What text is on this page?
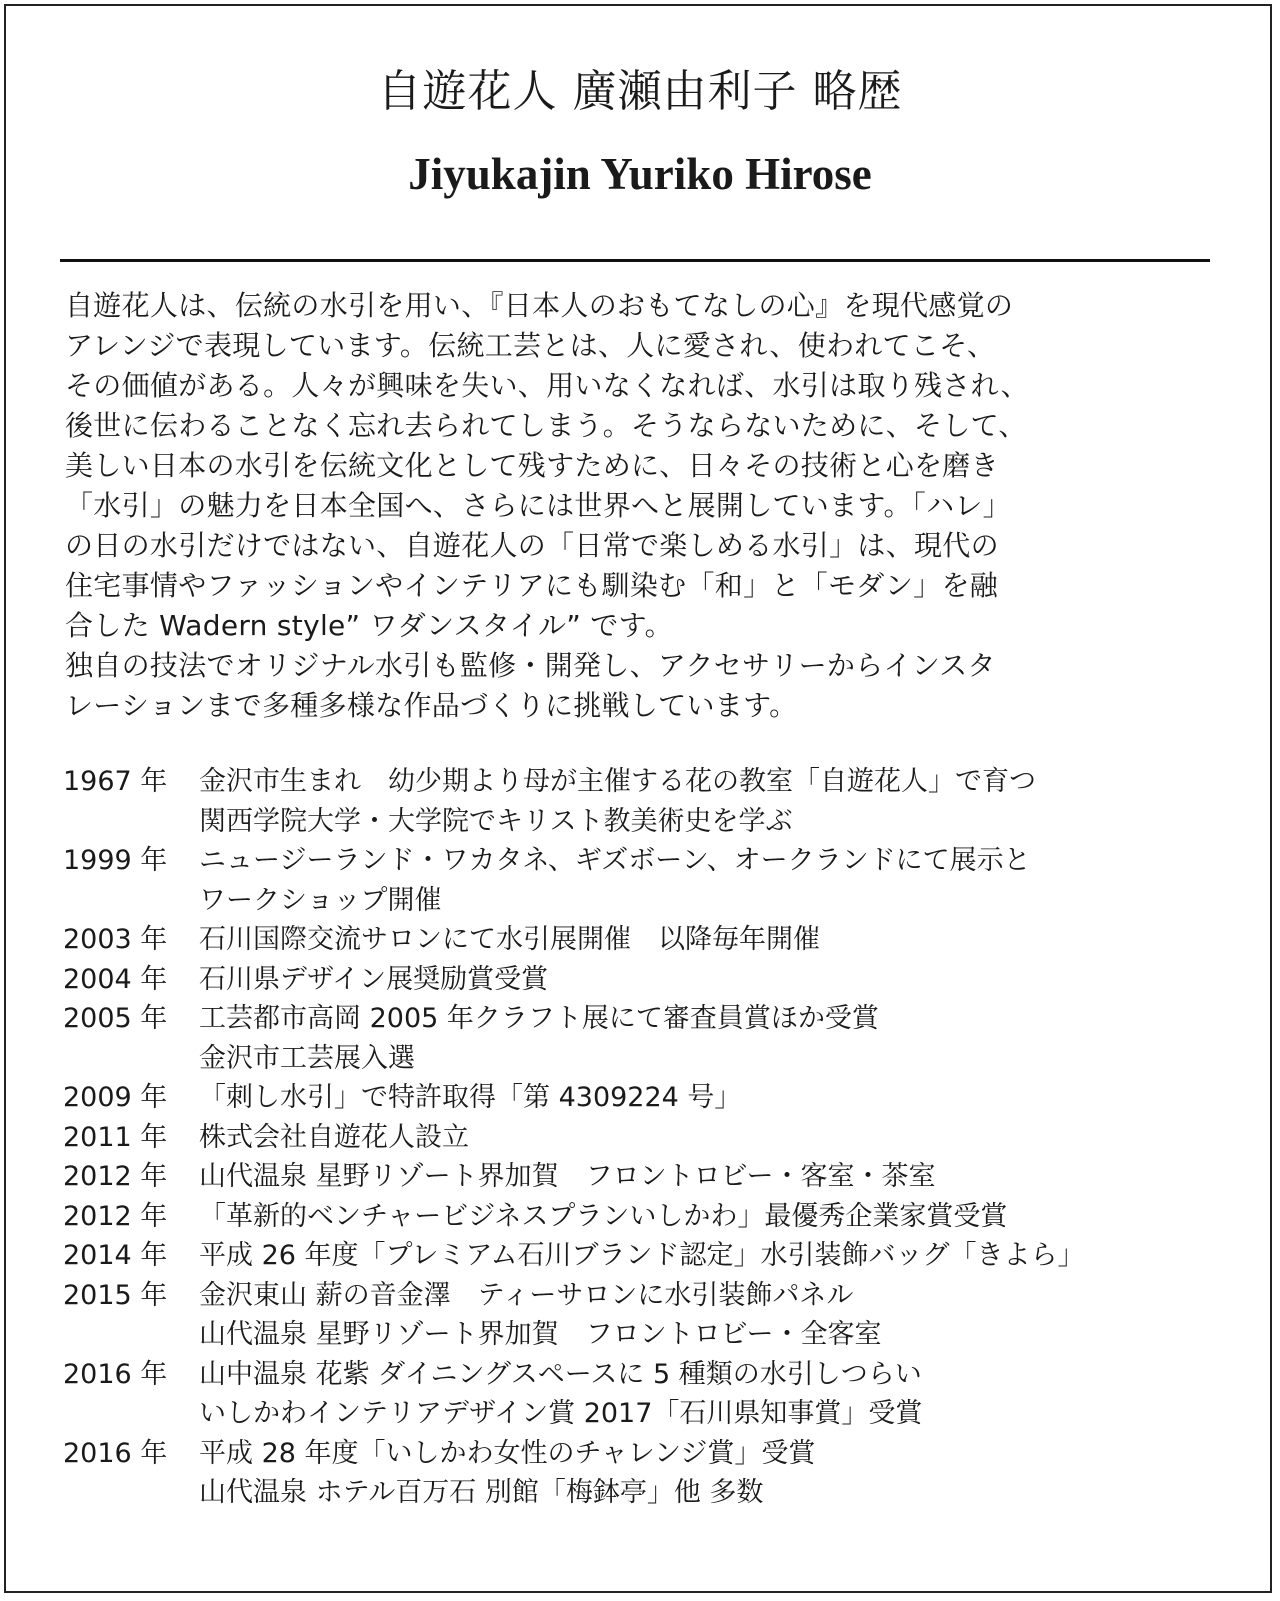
自遊花人 廣瀬由利子 略歴
Jiyukajin Yuriko Hirose
自遊花人は、伝統の水引を用い、『日本人のおもてなしの心』を現代感覚の
アレンジで表現しています。伝統工芸とは、人に愛され、使われてこそ、
その価値がある。人々が興味を失い、用いなくなれば、水引は取り残され、
後世に伝わることなく忘れ去られてしまう。そうならないために、そして、
美しい日本の水引を伝統文化として残すために、日々その技術と心を磨き
「水引」の魅力を日本全国へ、さらには世界へと展開しています。「ハレ」
の日の水引だけではない、自遊花人の「日常で楽しめる水引」は、現代の
住宅事情やファッションやインテリアにも馴染む「和」と「モダン」を融
合した Wadern style” ワダンスタイル” です。
独自の技法でオリジナル水引も監修・開発し、アクセサリーからインスタ
レーションまで多種多様な作品づくりに挑戦しています。
1967 年	金沢市生まれ　幼少期より母が主催する花の教室「自遊花人」で育つ
関西学院大学・大学院でキリスト教美術史を学ぶ
1999 年	ニュージーランド・ワカタネ、ギズボーン、オークランドにて展示と
ワークショップ開催
2003 年	石川国際交流サロンにて水引展開催　以降毎年開催
2004 年	石川県デザイン展奨励賞受賞
2005 年	工芸都市高岡 2005 年クラフト展にて審査員賞ほか受賞
金沢市工芸展入選
2009 年	「刺し水引」で特許取得「第 4309224 号」
2011 年	株式会社自遊花人設立
2012 年	山代温泉 星野リゾート界加賀　フロントロビー・客室・茶室
2012 年	「革新的ベンチャービジネスプランいしかわ」最優秀企業家賞受賞
2014 年	平成 26 年度「プレミアム石川ブランド認定」水引装飾バッグ「きよら」
2015 年	金沢東山 薪の音金澤　ティーサロンに水引装飾パネル
山代温泉 星野リゾート界加賀　フロントロビー・全客室
2016 年	山中温泉 花紫 ダイニングスペースに 5 種類の水引しつらい
いしかわインテリアデザイン賞 2017「石川県知事賞」受賞
2016 年	平成 28 年度「いしかわ女性のチャレンジ賞」受賞
山代温泉 ホテル百万石 別館「梅鉢亭」他 多数
